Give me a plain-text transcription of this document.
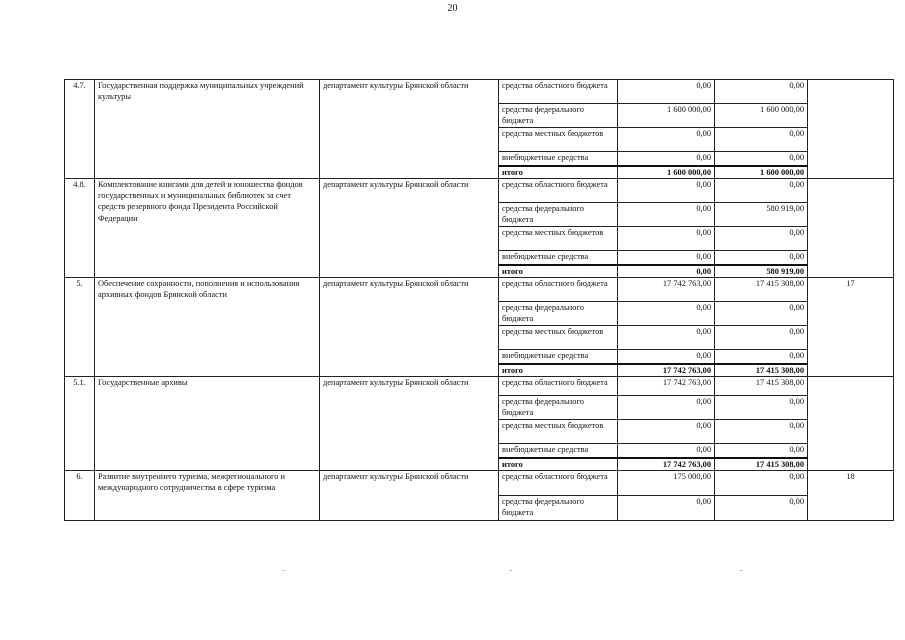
20
4.7.	Государственная поддержка муниципальных учреждений культуры	департамент культуры Брянской области	средства областного бюджета	0,00	0,00	
			средства федерального бюджета	1 600 000,00	1 600 000,00	
			средства местных бюджетов	0,00	0,00	
			внебюджетные средства	0,00	0,00	
			итого	1 600 000,00	1 600 000,00	
4.8.	Комплектование книгами для детей и юношества фондов государственных и муниципальных библиотек за счет средств резервного фонда Президента Российской Федерации	департамент культуры Брянской области	средства областного бюджета	0,00	0,00	
			средства федерального бюджета	0,00	580 919,00	
			средства местных бюджетов	0,00	0,00	
			внебюджетные средства	0,00	0,00	
			итого	0,00	580 919,00	
5.	Обеспечение сохранности, пополнения и использования архивных фондов Брянской области	департамент культуры Брянской области	средства областного бюджета	17 742 763,00	17 415 308,00	17
			средства федерального бюджета	0,00	0,00	
			средства местных бюджетов	0,00	0,00	
			внебюджетные средства	0,00	0,00	
			итого	17 742 763,00	17 415 308,00	
5.1.	Государственные архивы	департамент культуры Брянской области	средства областного бюджета	17 742 763,00	17 415 308,00	
			средства федерального бюджета	0,00	0,00	
			средства местных бюджетов	0,00	0,00	
			внебюджетные средства	0,00	0,00	
			итого	17 742 763,00	17 415 308,00	
6.	Развитие внутреннего туризма, межрегионального и международного сотрудничества в сфере туризма	департамент культуры Брянской области	средства областного бюджета	175 000,00	0,00	18
			средства федерального бюджета	0,00	0,00	
